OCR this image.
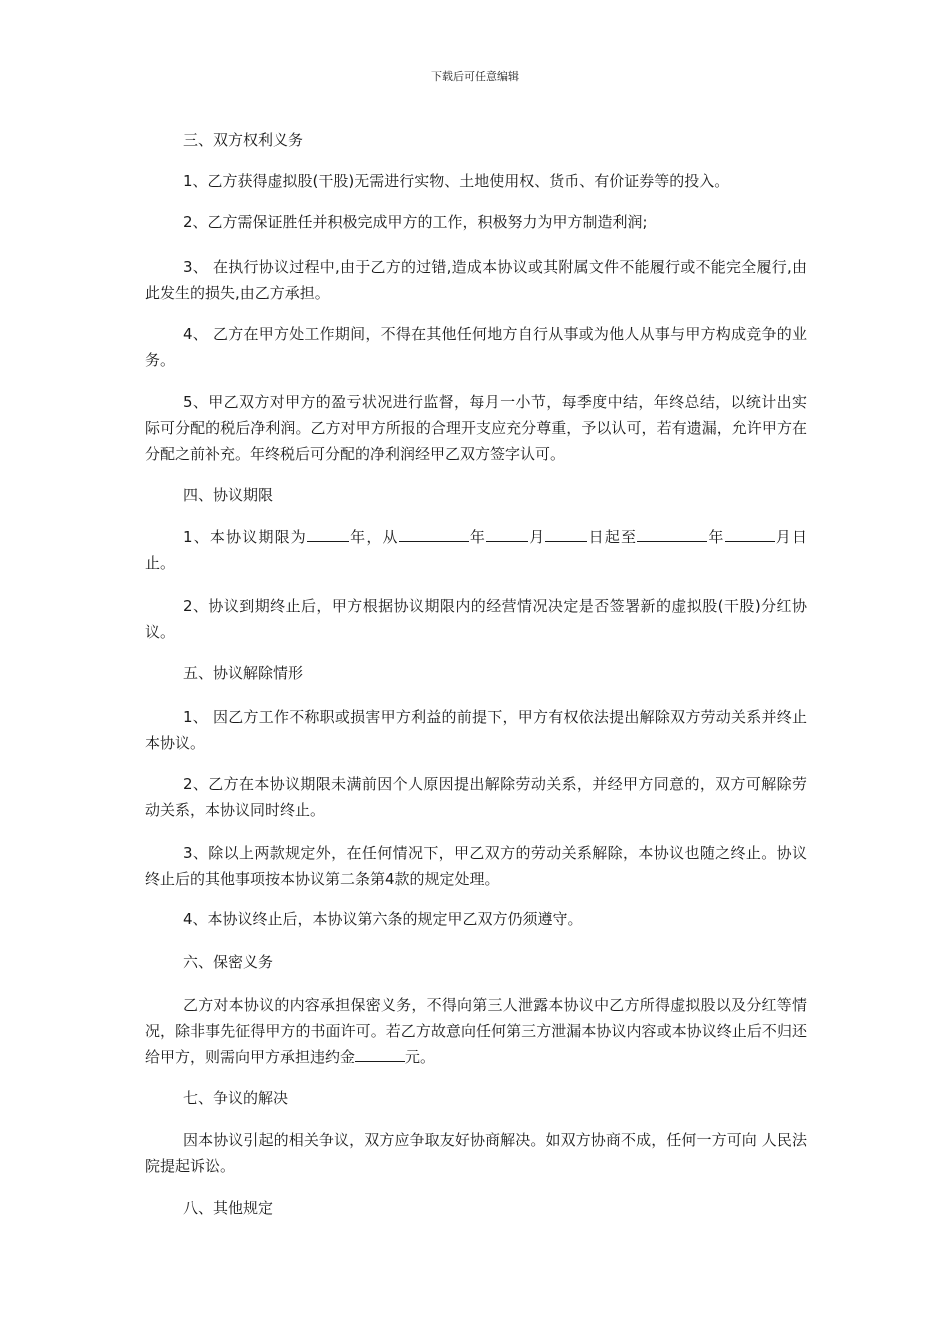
下载后可任意编辑

三、双方权利义务

1、乙方获得虚拟股(干股)无需进行实物、土地使用权、货币、有价证券等的投入。

2、乙方需保证胜任并积极完成甲方的工作，积极努力为甲方制造利润;

3、 在执行协议过程中,由于乙方的过错,造成本协议或其附属文件不能履行或不能完全履行,由此发生的损失,由乙方承担。

4、 乙方在甲方处工作期间，不得在其他任何地方自行从事或为他人从事与甲方构成竞争的业务。

5、甲乙双方对甲方的盈亏状况进行监督，每月一小节，每季度中结，年终总结，以统计出实际可分配的税后净利润。乙方对甲方所报的合理开支应充分尊重，予以认可，若有遗漏，允许甲方在分配之前补充。年终税后可分配的净利润经甲乙双方签字认可。

四、协议期限

1、本协议期限为	年，从	年	月	日起至	年	月日止。

2、协议到期终止后，甲方根据协议期限内的经营情况决定是否签署新的虚拟股(干股)分红协议。

五、协议解除情形

1、 因乙方工作不称职或损害甲方利益的前提下，甲方有权依法提出解除双方劳动关系并终止本协议。

2、乙方在本协议期限未满前因个人原因提出解除劳动关系，并经甲方同意的，双方可解除劳动关系，本协议同时终止。

3、除以上两款规定外，在任何情况下，甲乙双方的劳动关系解除，本协议也随之终止。协议终止后的其他事项按本协议第二条第4款的规定处理。

4、本协议终止后，本协议第六条的规定甲乙双方仍须遵守。

六、保密义务

乙方对本协议的内容承担保密义务，不得向第三人泄露本协议中乙方所得虚拟股以及分红等情况，除非事先征得甲方的书面许可。若乙方故意向任何第三方泄漏本协议内容或本协议终止后不归还给甲方，则需向甲方承担违约金	元。

七、争议的解决

因本协议引起的相关争议，双方应争取友好协商解决。如双方协商不成，任何一方可向 人民法院提起诉讼。

八、其他规定
